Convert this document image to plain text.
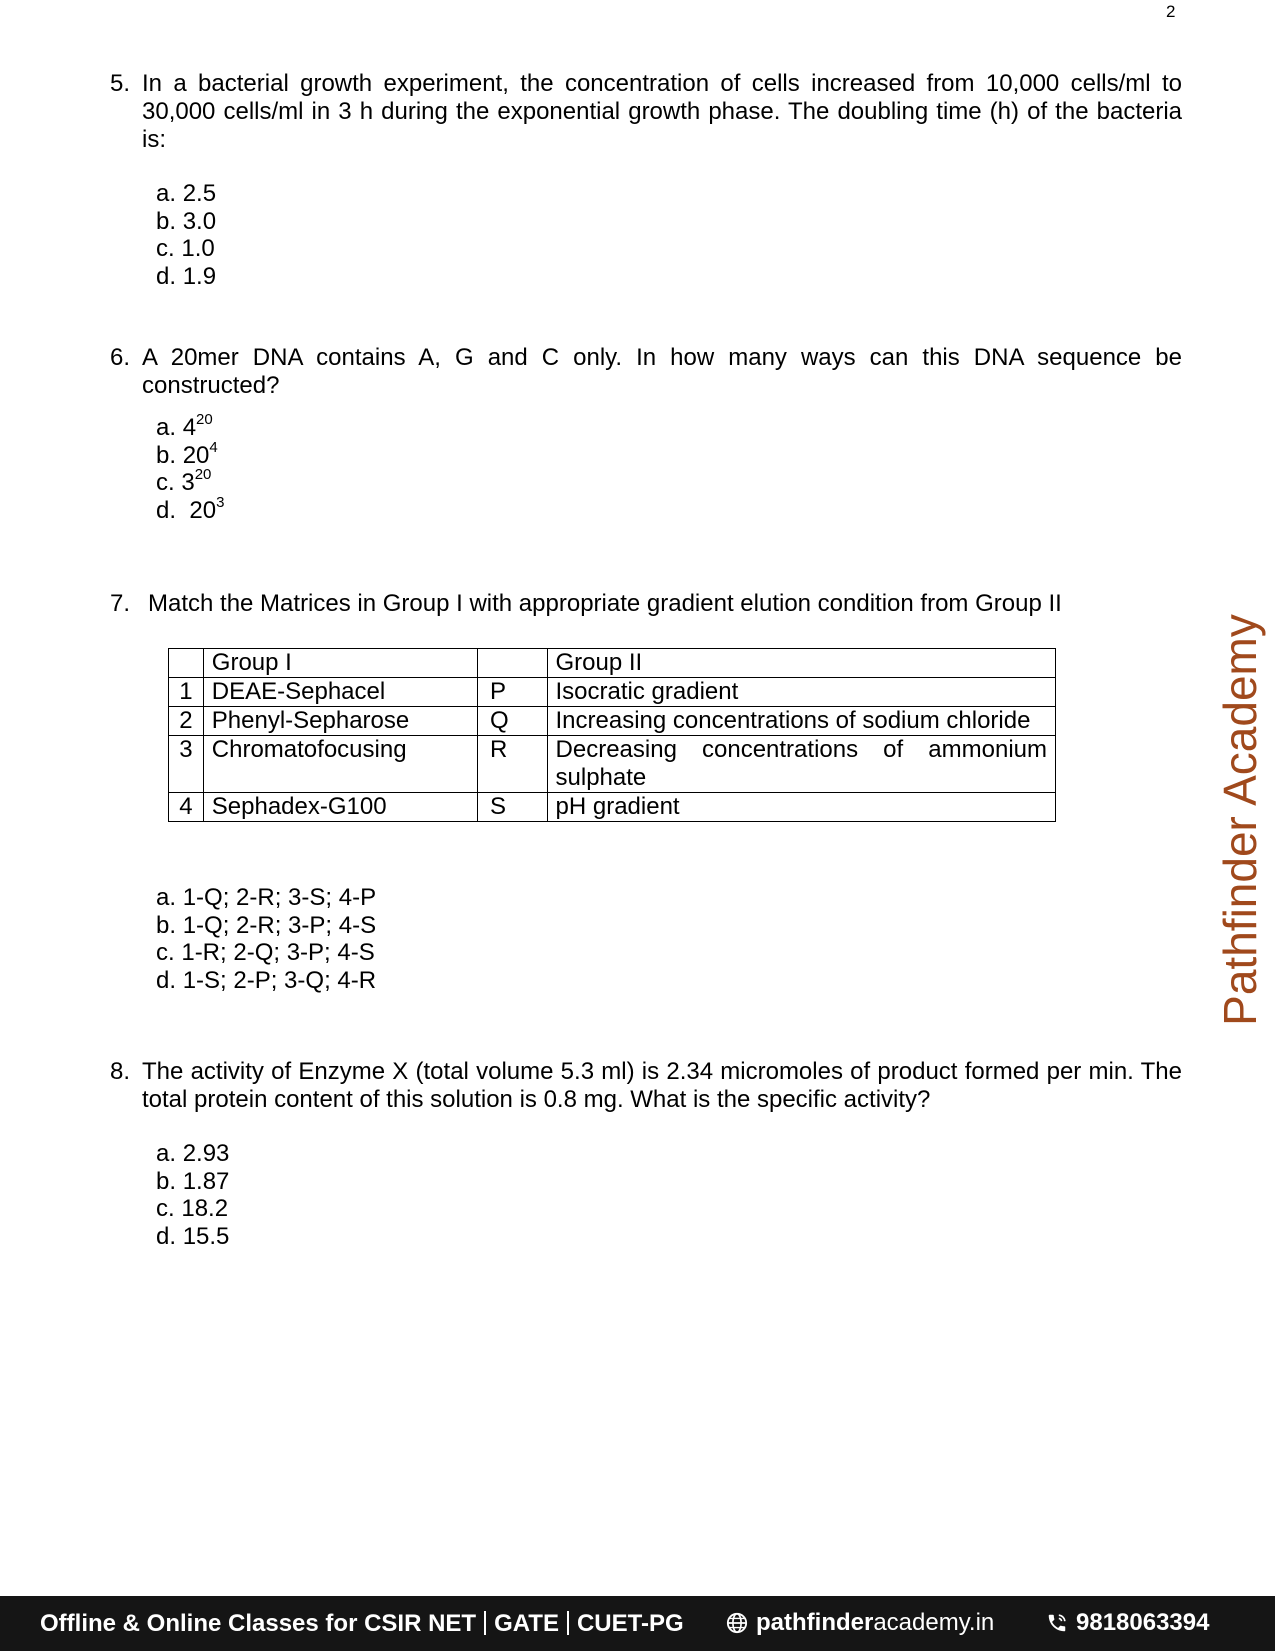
2

5. In a bacterial growth experiment, the concentration of cells increased from 10,000 cells/ml to 30,000 cells/ml in 3 h during the exponential growth phase. The doubling time (h) of the bacteria is:

a. 2.5
b. 3.0
c. 1.0
d. 1.9

6. A 20mer DNA contains A, G and C only. In how many ways can this DNA sequence be constructed?

a. $4^{20}$
b. $20^4$
c. $3^{20}$
d. $20^3$

7. Match the Matrices in Group I with appropriate gradient elution condition from Group II

	Group I		Group II
1	DEAE-Sephacel	P	Isocratic gradient
2	Phenyl-Sepharose	Q	Increasing concentrations of sodium chloride
3	Chromatofocusing	R	Decreasing concentrations of ammonium sulphate
4	Sephadex-G100	S	pH gradient
a. 1-Q; 2-R; 3-S; 4-P
b. 1-Q; 2-R; 3-P; 4-S
c. 1-R; 2-Q; 3-P; 4-S
d. 1-S; 2-P; 3-Q; 4-R

8. The activity of Enzyme X (total volume 5.3 ml) is 2.34 micromoles of product formed per min. The total protein content of this solution is 0.8 mg. What is the specific activity?

a. 2.93
b. 1.87
c. 18.2
d. 15.5
Pathfinder Academy
Offline & Online Classes for CSIR NET GATE CUET-PG	pathfinderacademy.in	9818063394
